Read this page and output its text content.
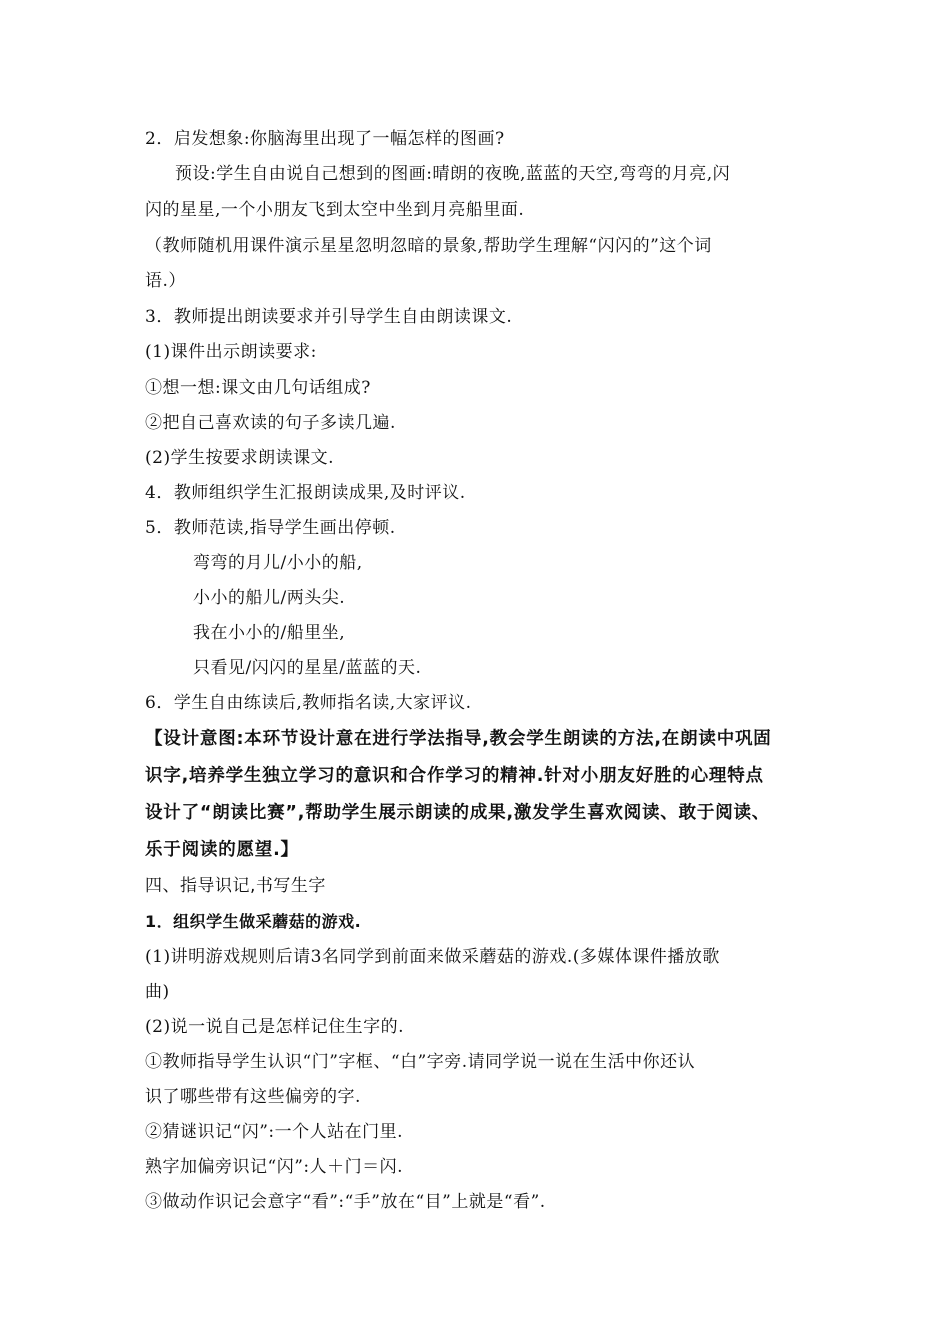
2．启发想象:你脑海里出现了一幅怎样的图画?
预设:学生自由说自己想到的图画:晴朗的夜晚,蓝蓝的天空,弯弯的月亮,闪
闪的星星,一个小朋友飞到太空中坐到月亮船里面.
（教师随机用课件演示星星忽明忽暗的景象,帮助学生理解“闪闪的”这个词
语.）
3．教师提出朗读要求并引导学生自由朗读课文.
(1)课件出示朗读要求:
①想一想:课文由几句话组成?
②把自己喜欢读的句子多读几遍.
(2)学生按要求朗读课文.
4．教师组织学生汇报朗读成果,及时评议.
5．教师范读,指导学生画出停顿.
弯弯的月儿/小小的船,
小小的船儿/两头尖.
我在小小的/船里坐,
只看见/闪闪的星星/蓝蓝的天.
6．学生自由练读后,教师指名读,大家评议.
【设计意图:本环节设计意在进行学法指导,教会学生朗读的方法,在朗读中巩固
识字,培养学生独立学习的意识和合作学习的精神.针对小朋友好胜的心理特点
设计了“朗读比赛”,帮助学生展示朗读的成果,激发学生喜欢阅读、敢于阅读、
乐于阅读的愿望.】
四、指导识记,书写生字
1．组织学生做采蘑菇的游戏.
(1)讲明游戏规则后请3名同学到前面来做采蘑菇的游戏.(多媒体课件播放歌
曲)
(2)说一说自己是怎样记住生字的.
①教师指导学生认识“门”字框、“白”字旁.请同学说一说在生活中你还认
识了哪些带有这些偏旁的字.
②猜谜识记“闪”:一个人站在门里.
熟字加偏旁识记“闪”:人＋门＝闪.
③做动作识记会意字“看”:“手”放在“目”上就是“看”.
